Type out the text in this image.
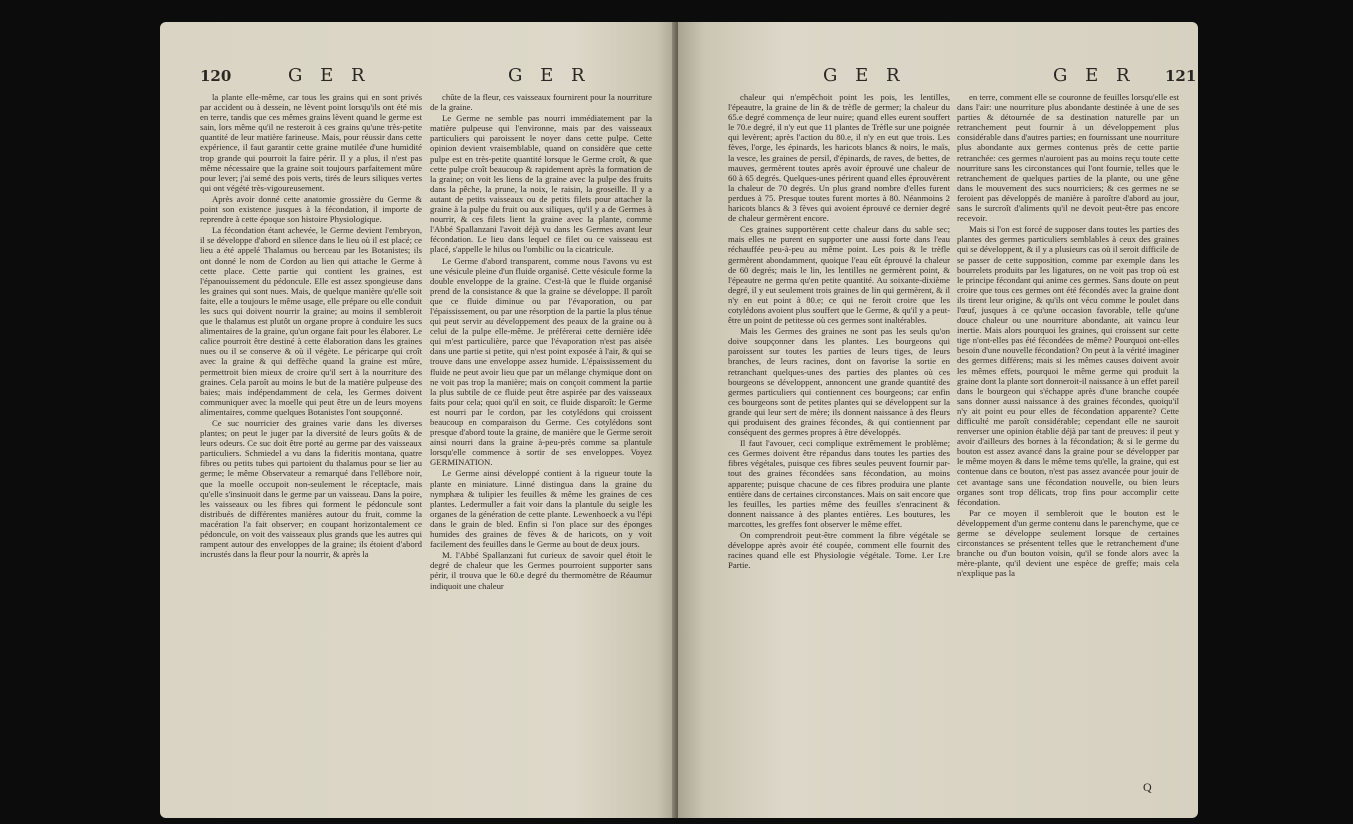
120	G E R	G E R

la plante elle-même, car tous les grains qui en sont privés par accident ou à dessein, ne lèvent point lorsqu'ils ont été mis en terre, tandis que ces mêmes grains lèvent quand le germe est sain, lors même qu'il ne resteroit à ces grains qu'une très-petite quantité de leur matière farineuse. Mais, pour réussir dans cette expérience, il faut garantir cette graine mutilée d'une humidité trop grande qui pourroit la faire périr. Il y a plus, il n'est pas même nécessaire que la graine soit toujours parfaitement mûre pour lever; j'ai semé des pois verts, tirés de leurs siliques vertes qui ont végété très-vigoureusement.

Après avoir donné cette anatomie grossière du Germe & point son existence jusques à la fécondation, il importe de reprendre à cette époque son histoire Physiologique.

La fécondation étant achevée, le Germe devient l'embryon, il se développe d'abord en silence dans le lieu où il est placé; ce lieu a été appelé Thalamus ou berceau par les Botanistes; ils ont donné le nom de Cordon au lien qui attache le Germe à cette place. Cette partie qui contient les graines, est l'épanouissement du pédoncule. Elle est assez spongieuse dans les graines qui sont nues. Mais, de quelque manière qu'elle soit faite, elle a toujours le même usage, elle prépare ou elle conduit les sucs qui doivent nourrir la graine; au moins il sembleroit que le thalamus est plutôt un organe propre à conduire les sucs alimentaires de la graine, qu'un organe fait pour les élaborer. Le calice pourroit être destiné à cette élaboration dans les graines nues ou il se conserve & où il végète. Le péricarpe qui croît avec la graine & qui deffèche quand la graine est mûre, permettroit bien mieux de croire qu'il sert à la nourriture des graines. Cela paroît au moins le but de la matière pulpeuse des baies; mais indépendamment de cela, les Germes doivent communiquer avec la moelle qui peut être un de leurs moyens alimentaires, comme quelques Botanistes l'ont soupçonné.

Ce suc nourricier des graines varie dans les diverses plantes; on peut le juger par la diversité de leurs goûts & de leurs odeurs. Ce suc doit être porté au germe par des vaisseaux particuliers. Schmiedel a vu dans la fideritis montana, quatre fibres ou petits tubes qui partoient du thalamus pour se lier au germe; le même Observateur a remarqué dans l'ellébore noir, que la moelle occupoit non-seulement le réceptacle, mais qu'elle s'insinuoit dans le germe par un vaisseau. Dans la poire, les vaisseaux ou les fibres qui forment le pédoncule sont distribués de différentes manières autour du fruit, comme la macération l'a fait observer; en coupant horizontalement ce pédoncule, on voit des vaisseaux plus grands que les autres qui rampent autour des enveloppes de la graine; ils étoient d'abord incrustés dans la fleur pour la nourrir, & après la

chûte de la fleur, ces vaisseaux fournirent pour la nourriture de la graine.

Le Germe ne semble pas nourri immédiatement par la matière pulpeuse qui l'environne, mais par des vaisseaux particuliers qui paroissent le noyer dans cette pulpe. Cette opinion devient vraisemblable, quand on considère que cette pulpe est en très-petite quantité lorsque le Germe croît, & que cette pulpe croît beaucoup & rapidement après la formation de la graine; on voit les liens de la graine avec la pulpe des fruits dans la pêche, la prune, la noix, le raisin, la groseille. Il y a autant de petits vaisseaux ou de petits filets pour attacher la graine à la pulpe du fruit ou aux siliques, qu'il y a de Germes à nourrir, & ces filets lient la graine avec la plante, comme l'Abbé Spallanzani l'avoit déjà vu dans les Germes avant leur fécondation. Le lieu dans lequel ce filet ou ce vaisseau est placé, s'appelle le hilus ou l'ombilic ou la cicatricule.

Le Germe d'abord transparent, comme nous l'avons vu est une vésicule pleine d'un fluide organisé. Cette vésicule forme la double enveloppe de la graine. C'est-là que le fluide organisé prend de la consistance & que la graine se développe. Il paroît que ce fluide diminue ou par l'évaporation, ou par l'épaississement, ou par une résorption de la partie la plus ténue qui peut servir au développement des peaux de la graine ou à celui de la pulpe elle-même. Je préférerai cette dernière idée qui m'est particulière, parce que l'évaporation n'est pas aisée dans une partie si petite, qui n'est point exposée à l'air, & qui se trouve dans une enveloppe assez humide. L'épaississement du fluide ne peut avoir lieu que par un mélange chymique dont on ne voit pas trop la manière; mais on conçoit comment la partie la plus subtile de ce fluide peut être aspirée par des vaisseaux faits pour cela; quoi qu'il en soit, ce fluide disparoît: le Germe est nourri par le cordon, par les cotylédons qui croissent beaucoup en comparaison du Germe. Ces cotylédons sont presque d'abord toute la graine, de manière que le Germe seroit ainsi nourri dans la graine à-peu-près comme sa plantule lorsqu'elle commence à sortir de ses enveloppes. Voyez GERMINATION.

Le Germe ainsi développé contient à la rigueur toute la plante en miniature. Linné distingua dans la graine du nymphæa & tulipier les feuilles & même les graines de ces plantes. Ledermuller a fait voir dans la plantule du seigle les organes de la génération de cette plante. Lewenhoeck a vu l'épi dans le grain de bled. Enfin si l'on place sur des éponges humides des graines de fèves & de haricots, on y voit facilement des feuilles dans le Germe au bout de deux jours.

M. l'Abbé Spallanzani fut curieux de savoir quel étoit le degré de chaleur que les Germes pourroient supporter sans périr, il trouva que le 60.e degré du thermomètre de Réaumur indiquoit une chaleur

G E R	G E R 121

chaleur qui n'empêchoit point les pois, les lentilles, l'épeautre, la graine de lin & de trèfle de germer; la chaleur du 65.e degré commença de leur nuire; quand elles eurent souffert le 70.e degré, il n'y eut que 11 plantes de Trèfle sur une poignée qui levèrent; après l'action du 80.e, il n'y en eut que trois. Les fèves, l'orge, les épinards, les haricots blancs & noirs, le maïs, la vesce, les graines de persil, d'épinards, de raves, de bettes, de mauves, germèrent toutes après avoir éprouvé une chaleur de 60 à 65 degrés. Quelques-unes périrent quand elles éprouvèrent la chaleur de 70 degrés. Un plus grand nombre d'elles furent perdues à 75. Presque toutes furent mortes à 80. Néanmoins 2 haricots blancs & 3 fèves qui avoient éprouvé ce dernier degré de chaleur germèrent encore.

Ces graines supportèrent cette chaleur dans du sable sec; mais elles ne purent en supporter une aussi forte dans l'eau réchauffée peu-à-peu au même point. Les pois & le trèfle germèrent abondamment, quoique l'eau eût éprouvé la chaleur de 60 degrés; mais le lin, les lentilles ne germèrent point, & l'épeautre ne germa qu'en petite quantité. Au soixante-dixième degré, il y eut seulement trois graines de lin qui germèrent, & il n'y en eut point à 80.e; ce qui ne feroit croire que les cotylédons avoient plus souffert que le Germe, & qu'il y a peut-être un point de petitesse où ces germes sont inaltérables.

Mais les Germes des graines ne sont pas les seuls qu'on doive soupçonner dans les plantes. Les bourgeons qui paroissent sur toutes les parties de leurs tiges, de leurs branches, de leurs racines, dont on favorise la sortie en retranchant quelques-unes des parties des plantes où ces bourgeons se développent, annoncent une grande quantité des germes particuliers qui contiennent ces bourgeons; car enfin ces bourgeons sont de petites plantes qui se développent sur la grande qui leur sert de mère; ils donnent naissance à des fleurs qui produisent des graines fécondes, & qui contiennent par conséquent des germes propres à être développés.

Il faut l'avouer, ceci complique extrêmement le problème; ces Germes doivent être répandus dans toutes les parties des fibres végétales, puisque ces fibres seules peuvent fournir par-tout des graines fécondées sans fécondation, au moins apparente; puisque chacune de ces fibres produira une plante entière dans de certaines circonstances. Mais on sait encore que les feuilles, les parties même des feuilles s'enracinent & donnent naissance à des plantes entières. Les boutures, les marcottes, les greffes font observer le même effet.

On comprendroit peut-être comment la fibre végétale se développe après avoir été coupée, comment elle fournit des racines quand elle est Physiologie végétale. Tome. I.er I.re Partie.

en terre, comment elle se couronne de feuilles lorsqu'elle est dans l'air: une nourriture plus abondante destinée à une de ses parties & détournée de sa destination naturelle par un retranchement peut fournir à un développement plus considérable dans d'autres parties; en fournissant une nourriture plus abondante aux germes contenus près de cette partie retranchée: ces germes n'auroient pas au moins reçu toute cette nourriture sans les circonstances qui l'ont fournie, telles que le retranchement de quelques parties de la plante, ou une gêne dans le mouvement des sucs nourriciers; & ces germes ne se feroient pas développés de manière à paroître d'abord au jour, sans le surcroît d'aliments qu'il ne devoit peut-être pas encore recevoir.

Mais si l'on est forcé de supposer dans toutes les parties des plantes des germes particuliers semblables à ceux des graines qui se développent, & il y a plusieurs cas où il seroit difficile de se passer de cette supposition, comme par exemple dans les bourrelets produits par les ligatures, on ne voit pas trop où est le principe fécondant qui anime ces germes. Sans doute on peut croire que tous ces germes ont été fécondés avec la graine dont ils tirent leur origine, & qu'ils ont vécu comme le poulet dans l'œuf, jusques à ce qu'une occasion favorable, telle qu'une douce chaleur ou une nourriture abondante, ait vaincu leur inertie. Mais alors pourquoi les graines, qui croissent sur cette tige n'ont-elles pas été fécondées de même? Pourquoi ont-elles besoin d'une nouvelle fécondation? On peut à la vérité imaginer des germes différens; mais si les mêmes causes doivent avoir les mêmes effets, pourquoi le même germe qui produit la graine dont la plante sort donneroit-il naissance à un effet pareil dans le bourgeon qui s'échappe après d'une branche coupée sans donner aussi naissance à des graines fécondes, quoiqu'il n'y ait point eu pour elles de fécondation apparente? Cette difficulté me paroît considérable; cependant elle ne sauroit renverser une opinion établie déjà par tant de preuves: il peut y avoir d'ailleurs des bornes à la fécondation; & si le germe du bouton est assez avancé dans la graine pour se développer par le même moyen & dans le même tems qu'elle, la graine, qui est contenue dans ce bouton, n'est pas assez avancée pour jouir de cet avantage sans une fécondation nouvelle, ou bien leurs organes sont trop délicats, trop fins pour accomplir cette fécondation.

Par ce moyen il sembleroit que le bouton est le développement d'un germe contenu dans le parenchyme, que ce germe se développe seulement lorsque de certaines circonstances se présentent telles que le retranchement d'une branche ou d'un bouton voisin, qu'il se fonde alors avec la mère-plante, qu'il devient une espèce de greffe; mais cela n'explique pas la

Q
